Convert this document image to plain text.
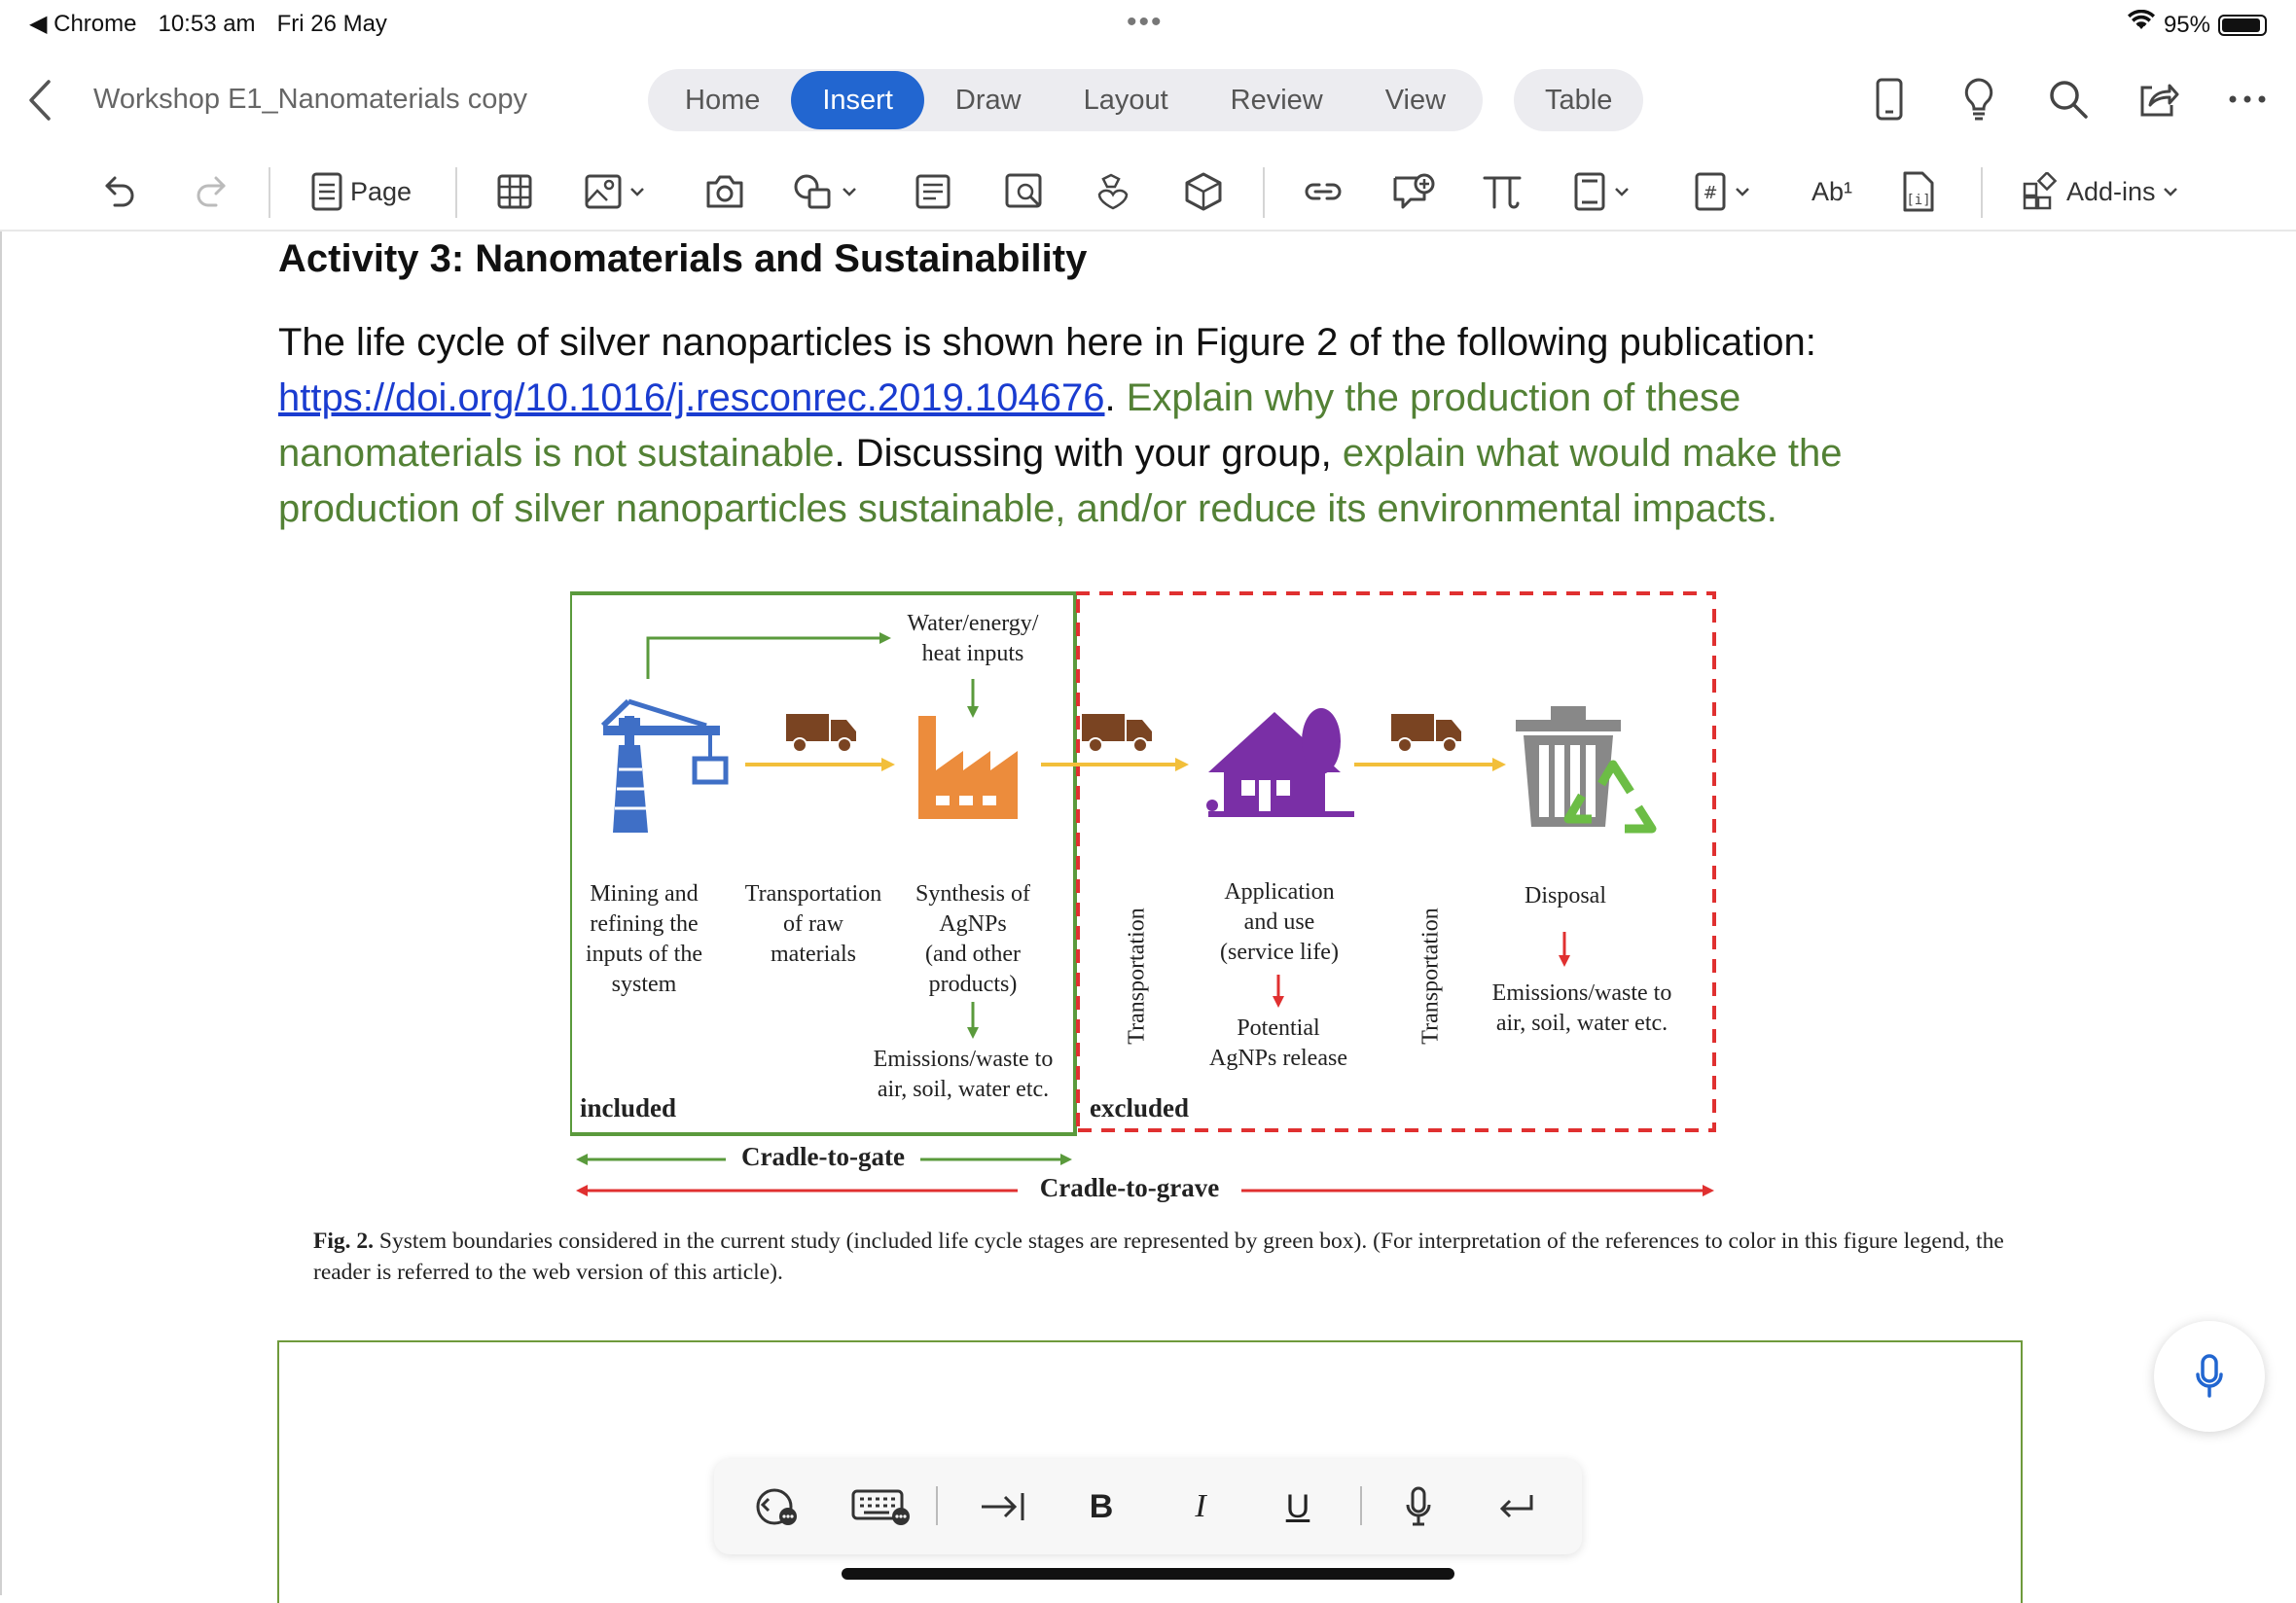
◀ Chrome 10:53 am Fri 26 May	•••	95%
Workshop E1_Nanomaterials copy	Home	Insert	Draw	Layout	Review	View	Table
Page	#	Ab¹	[i]	Add-ins
Activity 3: Nanomaterials and Sustainability
The life cycle of silver nanoparticles is shown here in Figure 2 of the following publication: https://doi.org/10.1016/j.resconrec.2019.104676. Explain why the production of these nanomaterials is not sustainable. Discussing with your group, explain what would make the production of silver nanoparticles sustainable, and/or reduce its environmental impacts.
Water/energy/
heat inputs
Mining and
refining the
inputs of the
system
Transportation
of raw
materials
Synthesis of
AgNPs
(and other
products)
Emissions/waste to
air, soil, water etc.
Transportation
Application
and use
(service life)
Potential
AgNPs release
Transportation
Disposal
Emissions/waste to
air, soil, water etc.
included	excluded
Cradle-to-gate
Cradle-to-grave
Fig. 2. System boundaries considered in the current study (included life cycle stages are represented by green box). (For interpretation of the references to color in this figure legend, the reader is referred to the web version of this article).
B	I	U
